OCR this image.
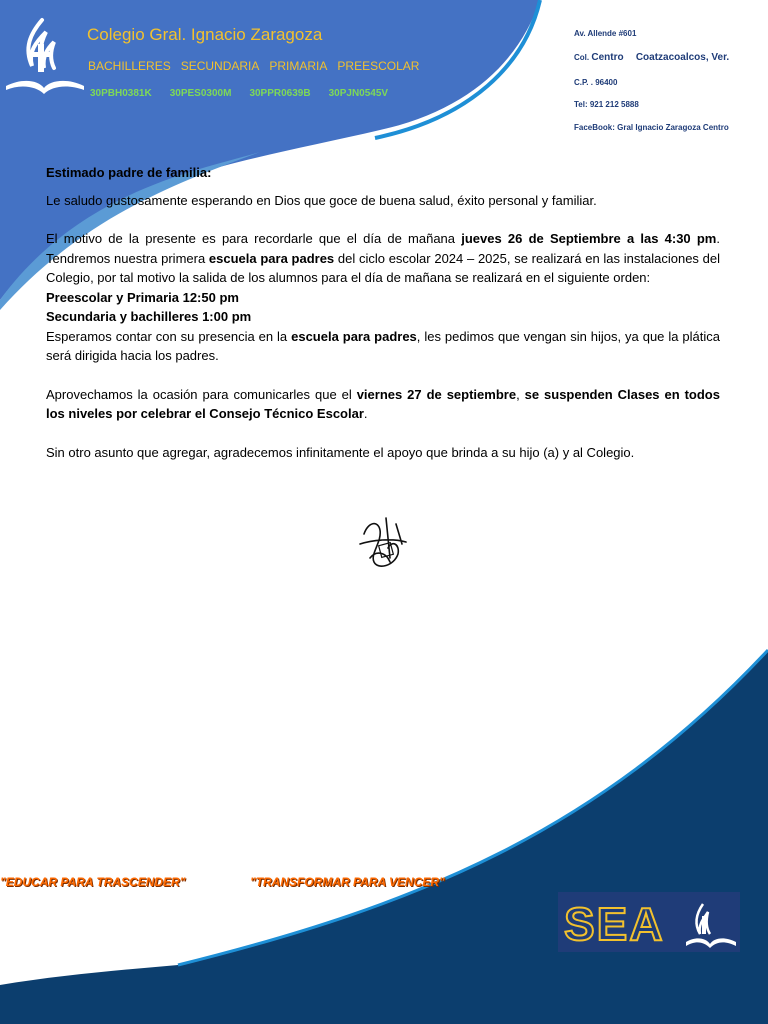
Colegio Gral. Ignacio Zaragoza
BACHILLERES SECUNDARIA PRIMARIA PREESCOLAR
30PBH0381K 30PES0300M 30PPR0639B 30PJN0545V
Av. Allende #601
Col. Centro Coatzacoalcos, Ver.
C.P. . 96400
Tel: 921 212 5888
FaceBook: Gral Ignacio Zaragoza Centro

Estimado padre de familia:

Le saludo gustosamente esperando en Dios que goce de buena salud, éxito personal y familiar.

El motivo de la presente es para recordarle que el día de mañana jueves 26 de Septiembre a las 4:30 pm. Tendremos nuestra primera escuela para padres del ciclo escolar 2024 – 2025, se realizará en las instalaciones del Colegio, por tal motivo la salida de los alumnos para el día de mañana se realizará en el siguiente orden:

Preescolar y Primaria 12:50 pm

Secundaria y bachilleres 1:00 pm

Esperamos contar con su presencia en la escuela para padres, les pedimos que vengan sin hijos, ya que la plática será dirigida hacia los padres.

Aprovechamos la ocasión para comunicarles que el viernes 27 de septiembre, se suspenden Clases en todos los niveles por celebrar el Consejo Técnico Escolar.

Sin otro asunto que agregar, agradecemos infinitamente el apoyo que brinda a su hijo (a) y al Colegio.

"EDUCAR PARA TRASCENDER"	"TRANSFORMAR PARA VENCER"
SEA
